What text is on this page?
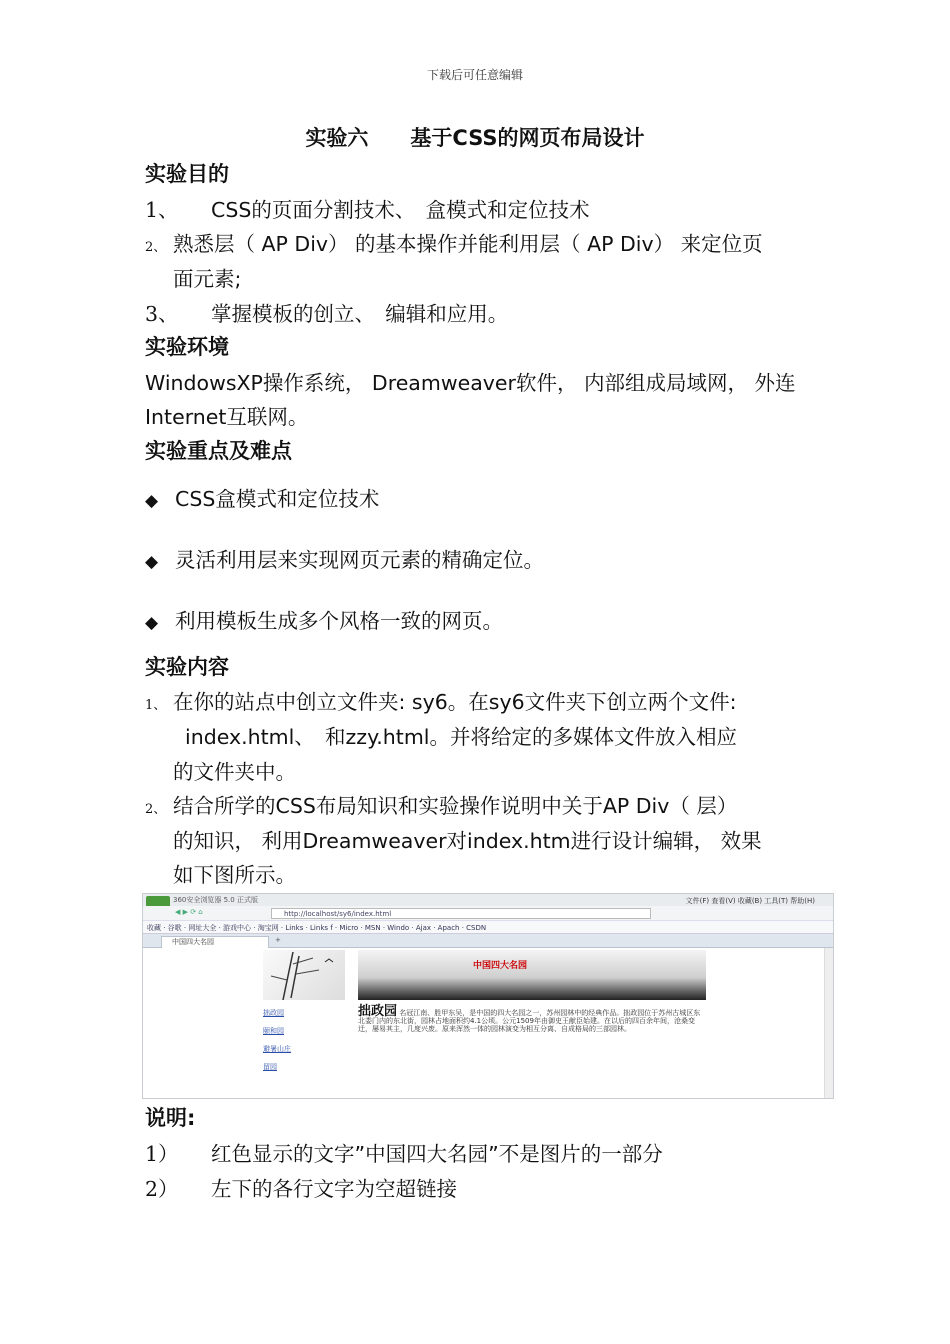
下载后可任意编辑
实验六　　基于CSS的网页布局设计
实验目的
1、 CSS的页面分割技术、　盒模式和定位技术
2、 熟悉层（ AP Div） 的基本操作并能利用层（ AP Div） 来定位页
面元素;
3、 掌握模板的创立、　编辑和应用。
实验环境
WindowsXP操作系统， Dreamweaver软件， 内部组成局域网， 外连
Internet互联网。
实验重点及难点
◆ CSS盒模式和定位技术
◆ 灵活利用层来实现网页元素的精确定位。
◆ 利用模板生成多个风格一致的网页。
实验内容
1、 在你的站点中创立文件夹: sy6。在sy6文件夹下创立两个文件:
index.html、　和zzy.html。并将给定的多媒体文件放入相应
的文件夹中。
2、 结合所学的CSS布局知识和实验操作说明中关于AP Div（ 层）
的知识， 利用Dreamweaver对index.htm进行设计编辑， 效果
如下图所示。
360安全浏览器 5.0 正式版	文件(F) 查看(V) 收藏(B) 工具(T) 帮助(H)
◀ ▶ ⟳ ⌂	http://localhost/sy6/index.html
收藏 · 谷歌 · 网址大全 · 游戏中心 · 淘宝网 · Links · Links f · Micro · MSN · Windo · Ajax · Apach · CSDN
中国四大名园	+
中国四大名园
拙政园
颐和园
避暑山庄
留园
拙政园 名冠江南、胜甲东吴，是中国的四大名园之一，苏州园林中的经典作品。拙政园位于苏州古城区东北娄门内的东北街，园林占地面积约4.1公顷。公元1509年由御史王献臣始建。在以后的四百余年间，沧桑变迁，屡易其主，几度兴废。原来浑然一体的园林演变为相互分离、自成格局的三部园林。
说明:
1） 红色显示的文字”中国四大名园”不是图片的一部分
2） 左下的各行文字为空超链接
